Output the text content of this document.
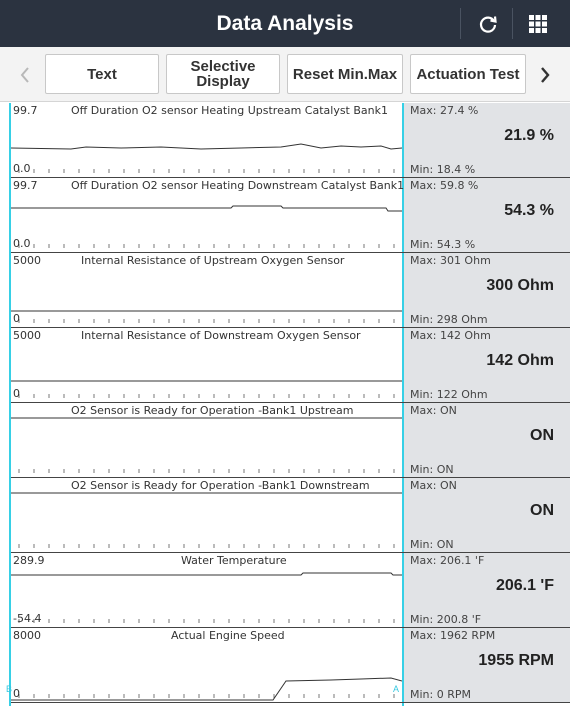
Data Analysis
Text	Selective Display	Reset Min.Max	Actuation Test
99.7
0.0
Off Duration O2 sensor Heating Upstream Catalyst Bank1 Max: 27.4 %
21.9 %
Min: 18.4 %
99.7
0.0
Off Duration O2 sensor Heating Downstream Catalyst Bank1 Max: 59.8 %
54.3 %
Min: 54.3 %
5000
0
Internal Resistance of Upstream Oxygen Sensor	Max: 301 Ohm
300 Ohm
Min: 298 Ohm
5000
0
Internal Resistance of Downstream Oxygen Sensor	Max: 142 Ohm
142 Ohm
Min: 122 Ohm
O2 Sensor is Ready for Operation -Bank1 Upstream	Max: ON
ON
Min: ON
O2 Sensor is Ready for Operation -Bank1 Downstream	Max: ON
ON
Min: ON
289.9
-54.4
Water Temperature	Max: 206.1 'F
206.1 'F
Min: 200.8 'F
8000
0
Actual Engine Speed
B	A
Max: 1962 RPM
1955 RPM
Min: 0 RPM
